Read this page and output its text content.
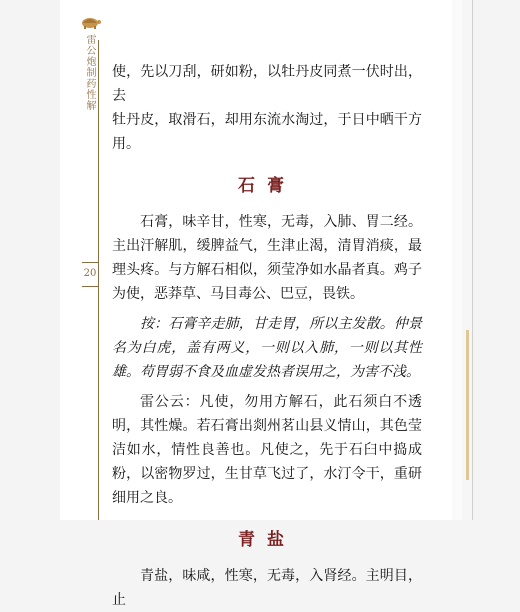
雷公炮制药性解
20

使，先以刀刮，研如粉，以牡丹皮同煮一伏时出，去

牡丹皮，取滑石，却用东流水淘过，于日中晒干方用。

石膏

石膏，味辛甘，性寒，无毒，入肺、胃二经。主出汗解肌，缓脾益气，生津止渴，清胃消痰，最理头疼。与方解石相似，须莹净如水晶者真。鸡子为使，恶莽草、马目毒公、巴豆，畏铁。

按：石膏辛走肺，甘走胃，所以主发散。仲景名为白虎，盖有两义，一则以入肺，一则以其性雄。苟胃弱不食及血虚发热者误用之，为害不浅。

雷公云：凡使，勿用方解石，此石须白不透明，其性燥。若石膏出剡州茗山县义情山，其色莹洁如水，情性良善也。凡使之，先于石臼中捣成粉，以密物罗过，生甘草飞过了，水汀令干，重研细用之良。

青盐

青盐，味咸，性寒，无毒，入肾经。主明目，止
